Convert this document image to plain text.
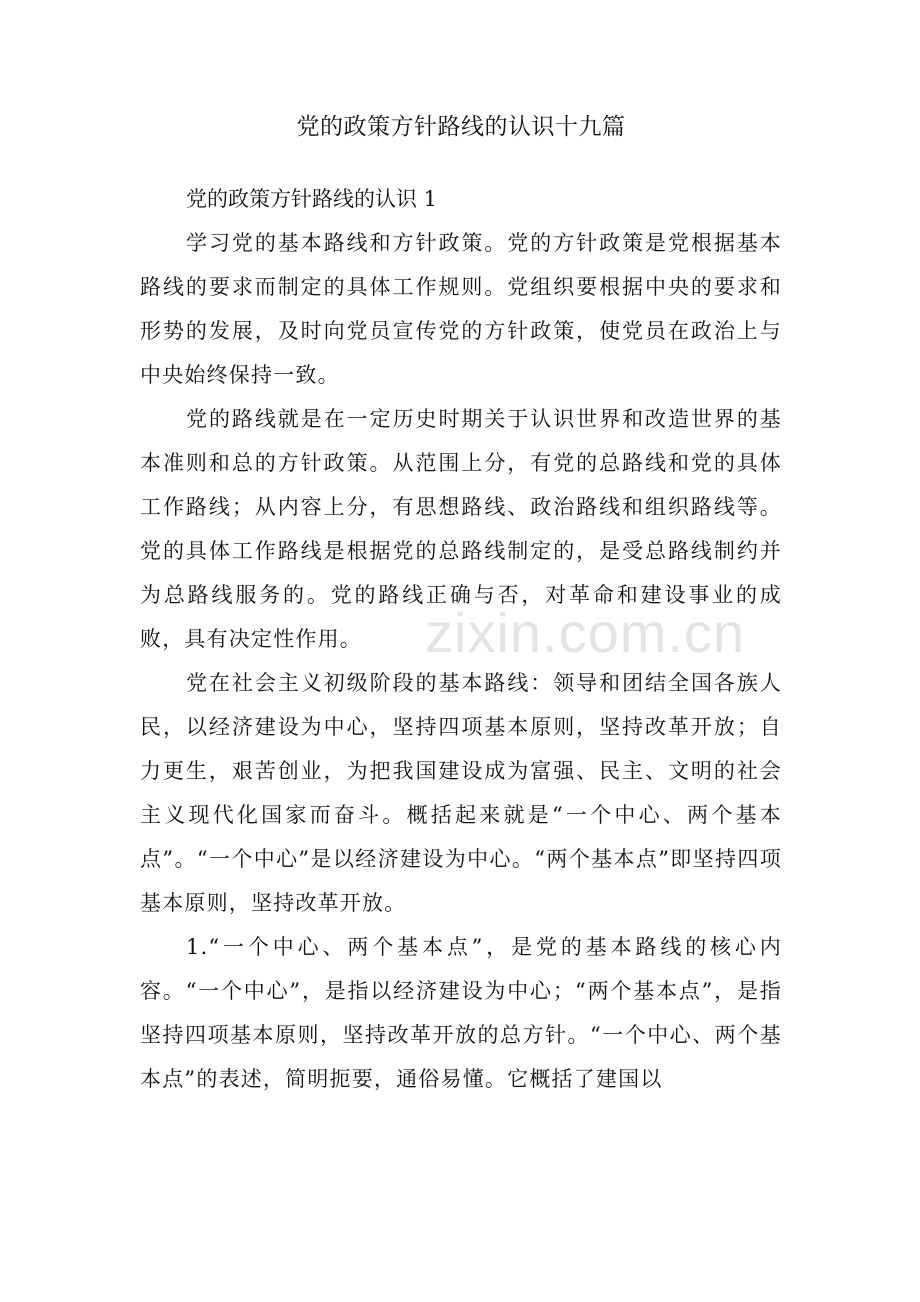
党的政策方针路线的认识十九篇

党的政策方针路线的认识 1

学习党的基本路线和方针政策。党的方针政策是党根据基本路线的要求而制定的具体工作规则。党组织要根据中央的要求和形势的发展，及时向党员宣传党的方针政策，使党员在政治上与中央始终保持一致。

党的路线就是在一定历史时期关于认识世界和改造世界的基本准则和总的方针政策。从范围上分，有党的总路线和党的具体工作路线；从内容上分，有思想路线、政治路线和组织路线等。党的具体工作路线是根据党的总路线制定的，是受总路线制约并为总路线服务的。党的路线正确与否，对革命和建设事业的成败，具有决定性作用。

党在社会主义初级阶段的基本路线：领导和团结全国各族人民，以经济建设为中心，坚持四项基本原则，坚持改革开放；自力更生，艰苦创业，为把我国建设成为富强、民主、文明的社会主义现代化国家而奋斗。概括起来就是“一个中心、两个基本点”。“一个中心”是以经济建设为中心。“两个基本点”即坚持四项基本原则，坚持改革开放。

1.“一个中心、两个基本点”，是党的基本路线的核心内容。“一个中心”，是指以经济建设为中心；“两个基本点”，是指坚持四项基本原则，坚持改革开放的总方针。“一个中心、两个基本点”的表述，简明扼要，通俗易懂。它概括了建国以

zixin.com.cn
